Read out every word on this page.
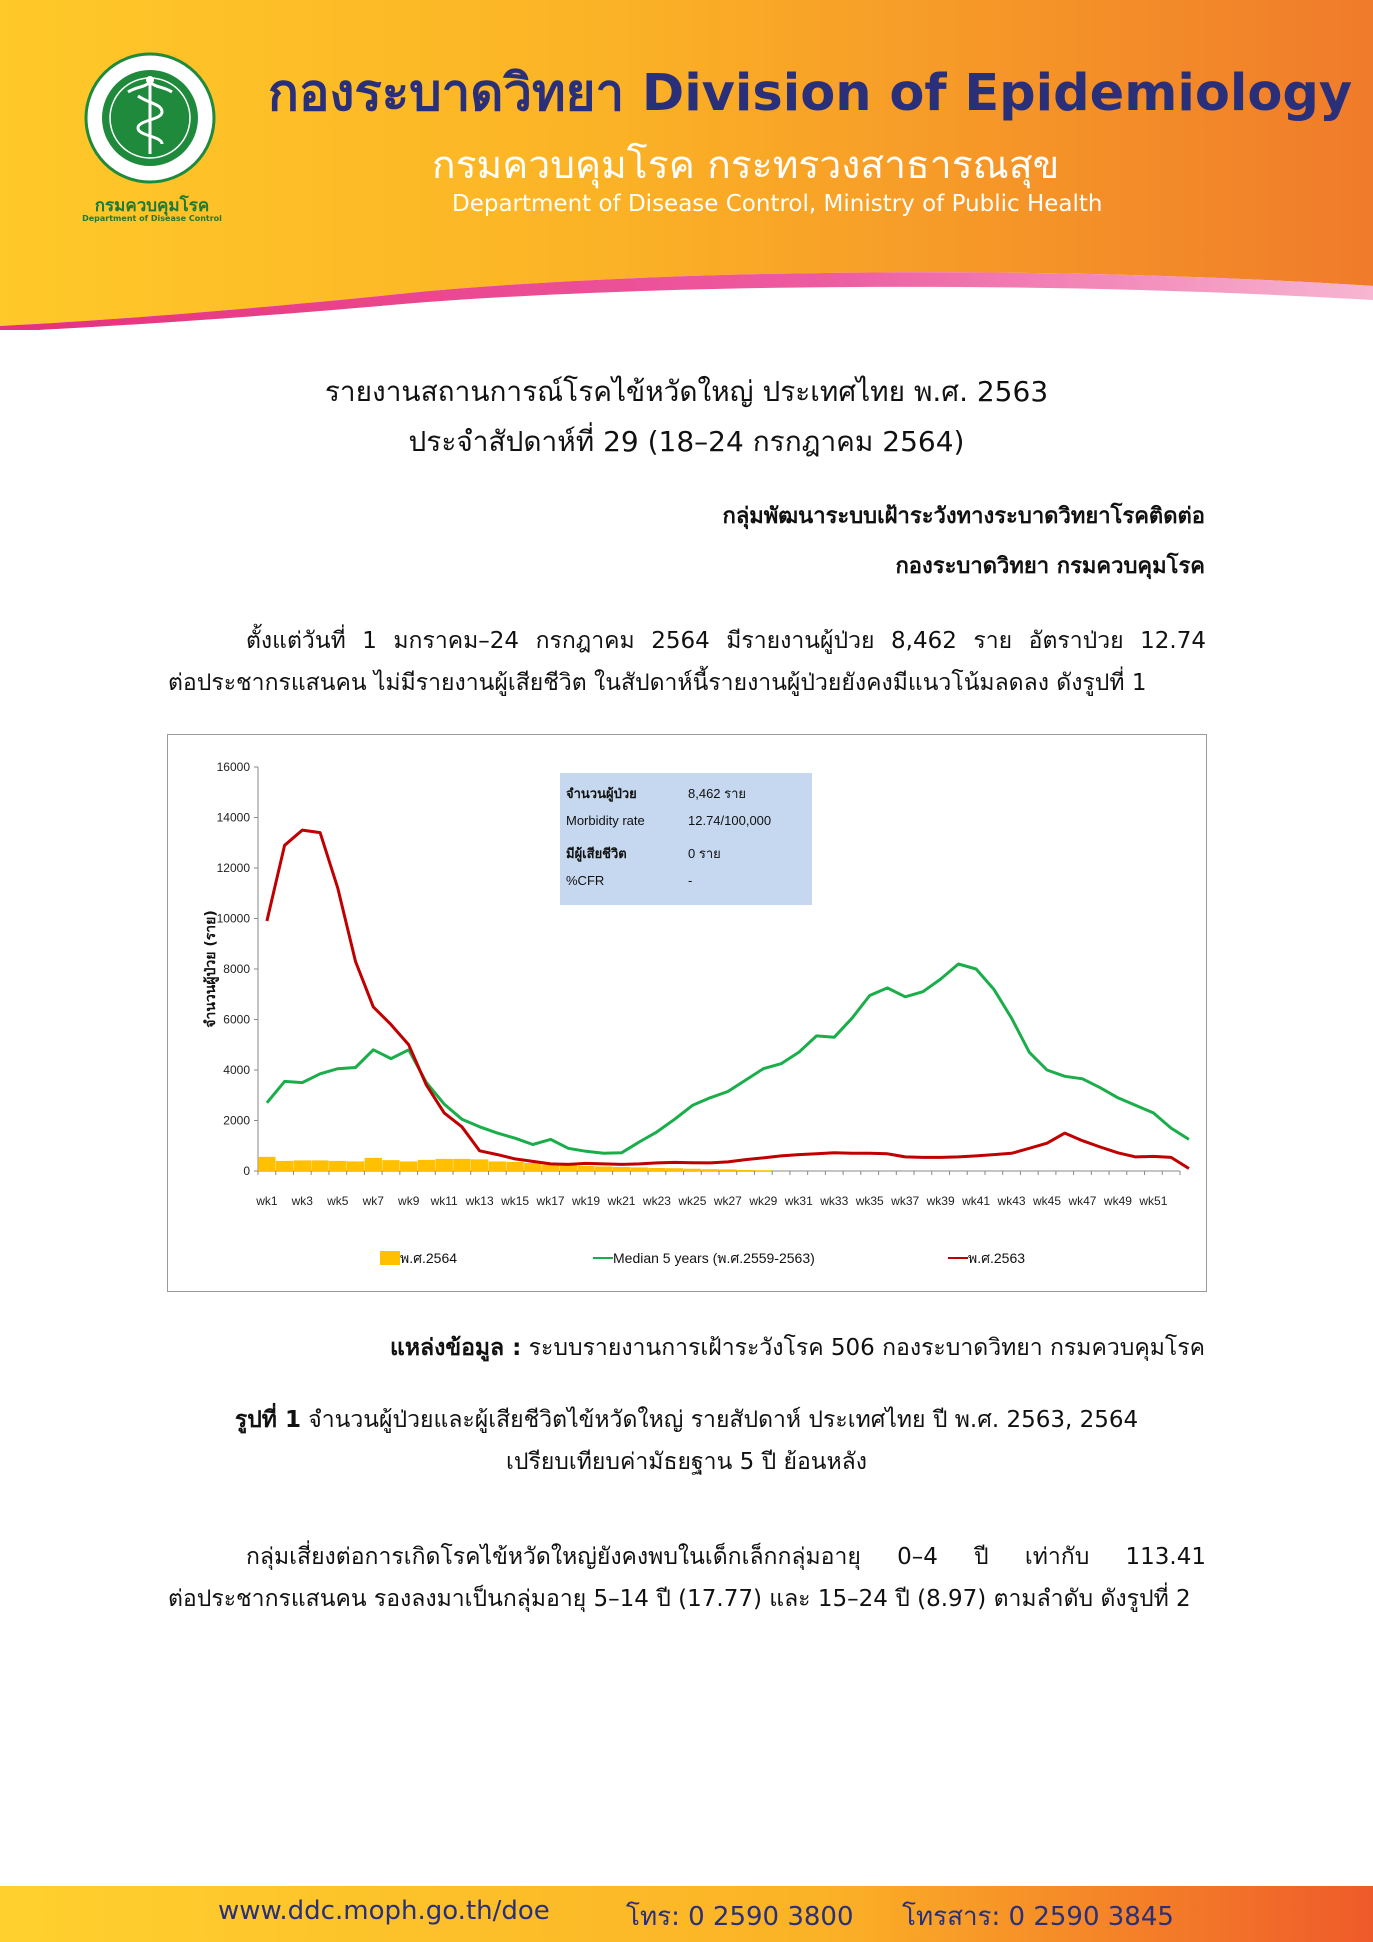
กรมควบคุมโรค
Department of Disease Control
กองระบาดวิทยา Division of Epidemiology
กรมควบคุมโรค กระทรวงสาธารณสุข
Department of Disease Control, Ministry of Public Health
รายงานสถานการณ์โรคไข้หวัดใหญ่ ประเทศไทย พ.ศ. 2563
ประจำสัปดาห์ที่ 29 (18–24 กรกฎาคม 2564)
กลุ่มพัฒนาระบบเฝ้าระวังทางระบาดวิทยาโรคติดต่อ
กองระบาดวิทยา กรมควบคุมโรค
ตั้งแต่วันที่ 1 มกราคม–24 กรกฎาคม 2564 มีรายงานผู้ป่วย 8,462 ราย อัตราป่วย 12.74
ต่อประชากรแสนคน ไม่มีรายงานผู้เสียชีวิต ในสัปดาห์นี้รายงานผู้ป่วยยังคงมีแนวโน้มลดลง ดังรูปที่ 1
0
2000
4000
6000
8000
10000
12000
14000
16000
จำนวนผู้ป่วย (ราย)
wk1 wk3 wk5 wk7 wk9 wk11 wk13 wk15 wk17 wk19 wk21 wk23 wk25 wk27 wk29 wk31 wk33 wk35 wk37 wk39 wk41 wk43 wk45 wk47 wk49 wk51
จำนวนผู้ป่วย	8,462 ราย
Morbidity rate	12.74/100,000
มีผู้เสียชีวิต	0 ราย
%CFR	-
พ.ศ.2564	Median 5 years (พ.ศ.2559-2563)	พ.ศ.2563
แหล่งข้อมูล : ระบบรายงานการเฝ้าระวังโรค 506 กองระบาดวิทยา กรมควบคุมโรค
รูปที่ 1 จำนวนผู้ป่วยและผู้เสียชีวิตไข้หวัดใหญ่ รายสัปดาห์ ประเทศไทย ปี พ.ศ. 2563, 2564
เปรียบเทียบค่ามัธยฐาน 5 ปี ย้อนหลัง
กลุ่มเสี่ยงต่อการเกิดโรคไข้หวัดใหญ่ยังคงพบในเด็กเล็กกลุ่มอายุ 0–4 ปี เท่ากับ 113.41
ต่อประชากรแสนคน รองลงมาเป็นกลุ่มอายุ 5–14 ปี (17.77) และ 15–24 ปี (8.97) ตามลำดับ ดังรูปที่ 2
www.ddc.moph.go.th/doe	โทร: 0 2590 3800 โทรสาร: 0 2590 3845
